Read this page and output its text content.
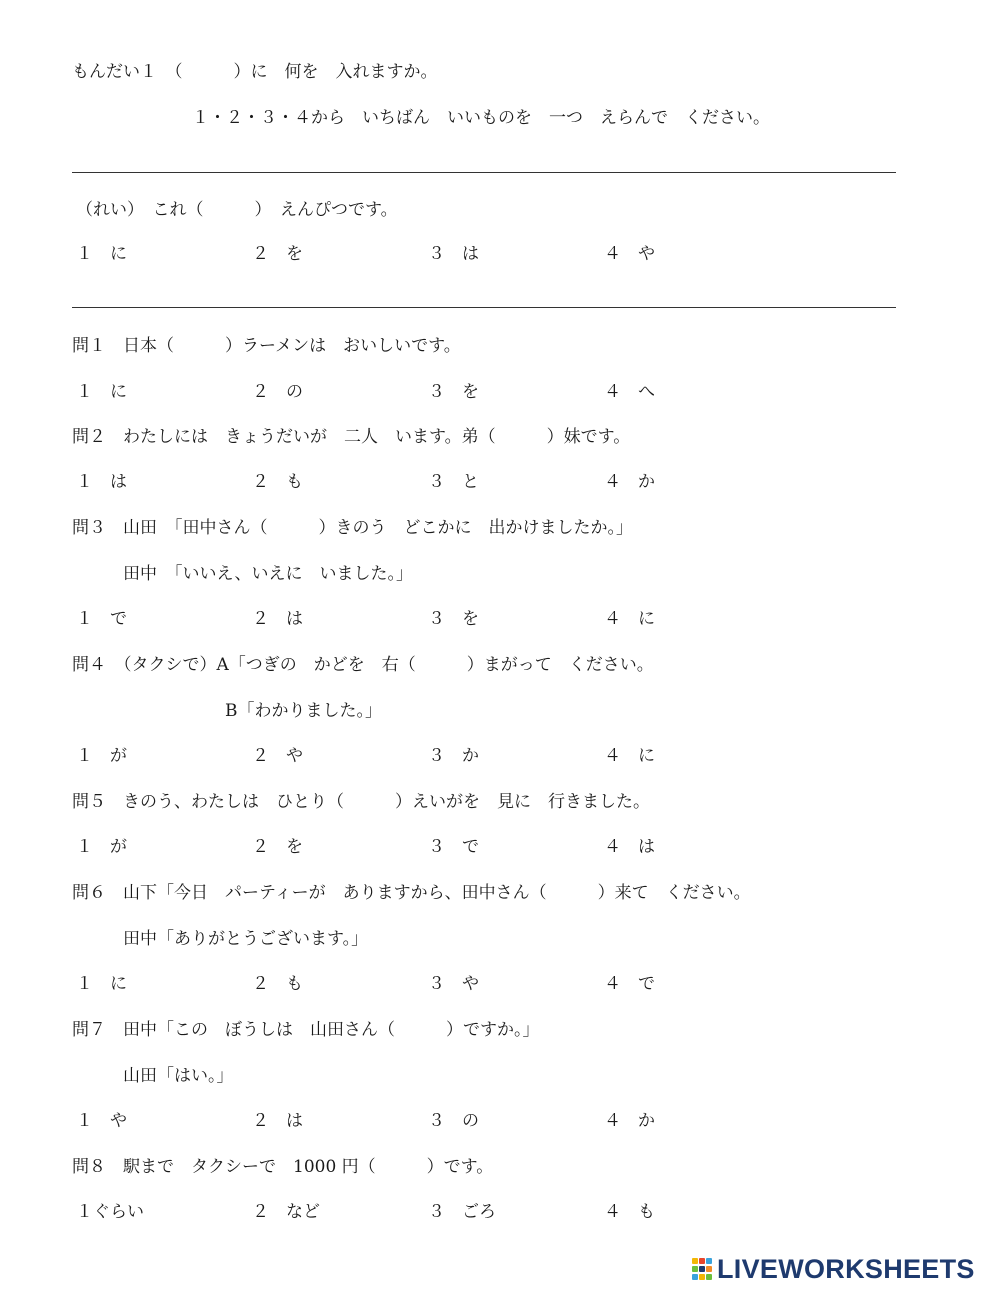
もんだい１　（　　　）に　何を　入れますか。
１・２・３・４から　いちばん　いいものを　一つ　えらんで　ください。
（れい）　これ（　　　）　えんぴつです。
１　に	２　を	３　は	４　や
問１　日本（　　　）ラーメンは　おいしいです。
１　に	２　の	３　を	４　へ
問２　わたしには　きょうだいが　二人　います。弟（　　　）妹です。
１　は	２　も	３　と	４　か
問３　山田　「田中さん（　　　）きのう　どこかに　出かけましたか。」
　　　田中　「いいえ、いえに　いました。」
１　で	２　は	３　を	４　に
問４　（タクシで）A「つぎの　かどを　右（　　　）まがって　ください。
　　　　　　　　　B「わかりました。」
１　が	２　や	３　か	４　に
問５　きのう、わたしは　ひとり（　　　）えいがを　見に　行きました。
１　が	２　を	３　で	４　は
問６　山下「今日　パーティーが　ありますから、田中さん（　　　）来て　ください。
　　　田中「ありがとうございます。」
１　に	２　も	３　や	４　で
問７　田中「この　ぼうしは　山田さん（　　　）ですか。」
　　　山田「はい。」
１　や	２　は	３　の	４　か
問８　駅まで　タクシーで　1000 円（　　　）です。
１ぐらい	２　など	３　ごろ	４　も
LIVEWORKSHEETS
